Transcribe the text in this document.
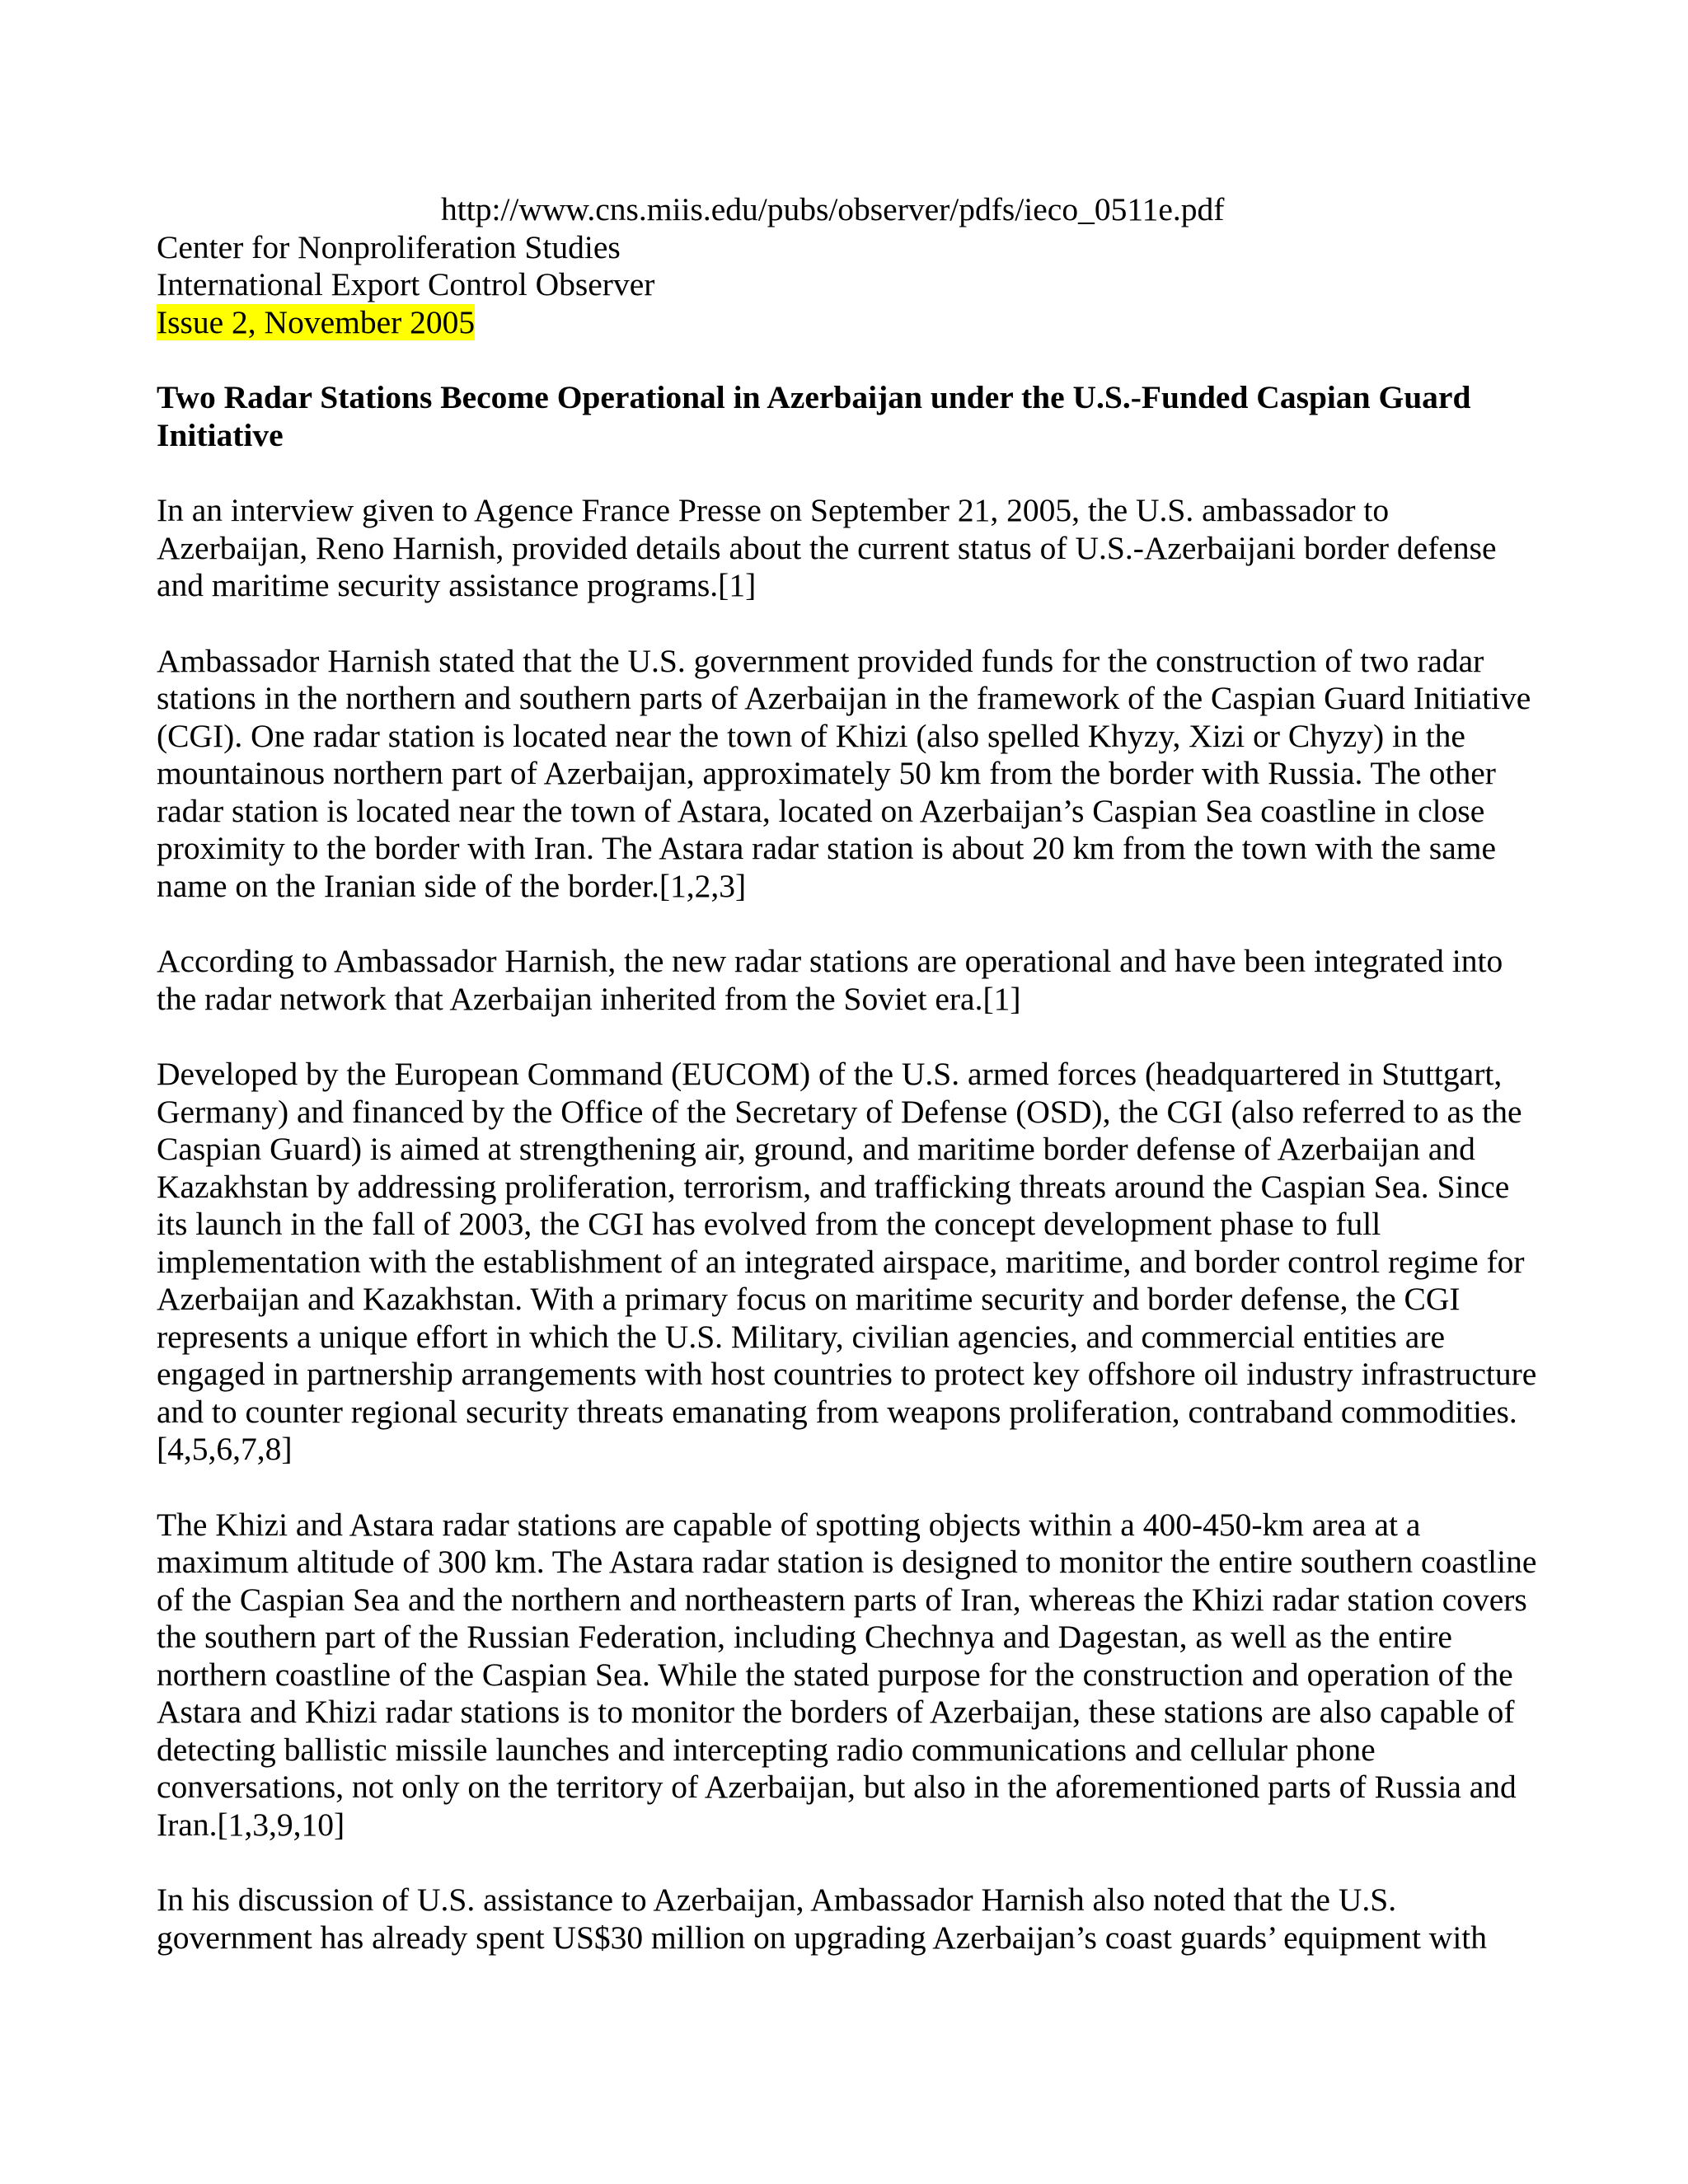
http://www.cns.miis.edu/pubs/observer/pdfs/ieco_0511e.pdf
Center for Nonproliferation Studies
International Export Control Observer
Issue 2, November 2005
Two Radar Stations Become Operational in Azerbaijan under the U.S.-Funded Caspian Guard Initiative

In an interview given to Agence France Presse on September 21, 2005, the U.S. ambassador to Azerbaijan, Reno Harnish, provided details about the current status of U.S.-Azerbaijani border defense and maritime security assistance programs.[1]

Ambassador Harnish stated that the U.S. government provided funds for the construction of two radar stations in the northern and southern parts of Azerbaijan in the framework of the Caspian Guard Initiative (CGI). One radar station is located near the town of Khizi (also spelled Khyzy, Xizi or Chyzy) in the mountainous northern part of Azerbaijan, approximately 50 km from the border with Russia. The other radar station is located near the town of Astara, located on Azerbaijan’s Caspian Sea coastline in close proximity to the border with Iran. The Astara radar station is about 20 km from the town with the same name on the Iranian side of the border.[1,2,3]

According to Ambassador Harnish, the new radar stations are operational and have been integrated into the radar network that Azerbaijan inherited from the Soviet era.[1]

Developed by the European Command (EUCOM) of the U.S. armed forces (headquartered in Stuttgart, Germany) and financed by the Office of the Secretary of Defense (OSD), the CGI (also referred to as the Caspian Guard) is aimed at strengthening air, ground, and maritime border defense of Azerbaijan and Kazakhstan by addressing proliferation, terrorism, and trafficking threats around the Caspian Sea. Since its launch in the fall of 2003, the CGI has evolved from the concept development phase to full implementation with the establishment of an integrated airspace, maritime, and border control regime for Azerbaijan and Kazakhstan. With a primary focus on maritime security and border defense, the CGI represents a unique effort in which the U.S. Military, civilian agencies, and commercial entities are engaged in partnership arrangements with host countries to protect key offshore oil industry infrastructure and to counter regional security threats emanating from weapons proliferation, contraband commodities.[4,5,6,7,8]

The Khizi and Astara radar stations are capable of spotting objects within a 400-450-km area at a maximum altitude of 300 km. The Astara radar station is designed to monitor the entire southern coastline of the Caspian Sea and the northern and northeastern parts of Iran, whereas the Khizi radar station covers the southern part of the Russian Federation, including Chechnya and Dagestan, as well as the entire northern coastline of the Caspian Sea. While the stated purpose for the construction and operation of the Astara and Khizi radar stations is to monitor the borders of Azerbaijan, these stations are also capable of detecting ballistic missile launches and intercepting radio communications and cellular phone conversations, not only on the territory of Azerbaijan, but also in the aforementioned parts of Russia and Iran.[1,3,9,10]

In his discussion of U.S. assistance to Azerbaijan, Ambassador Harnish also noted that the U.S. government has already spent US$30 million on upgrading Azerbaijan’s coast guards’ equipment with
